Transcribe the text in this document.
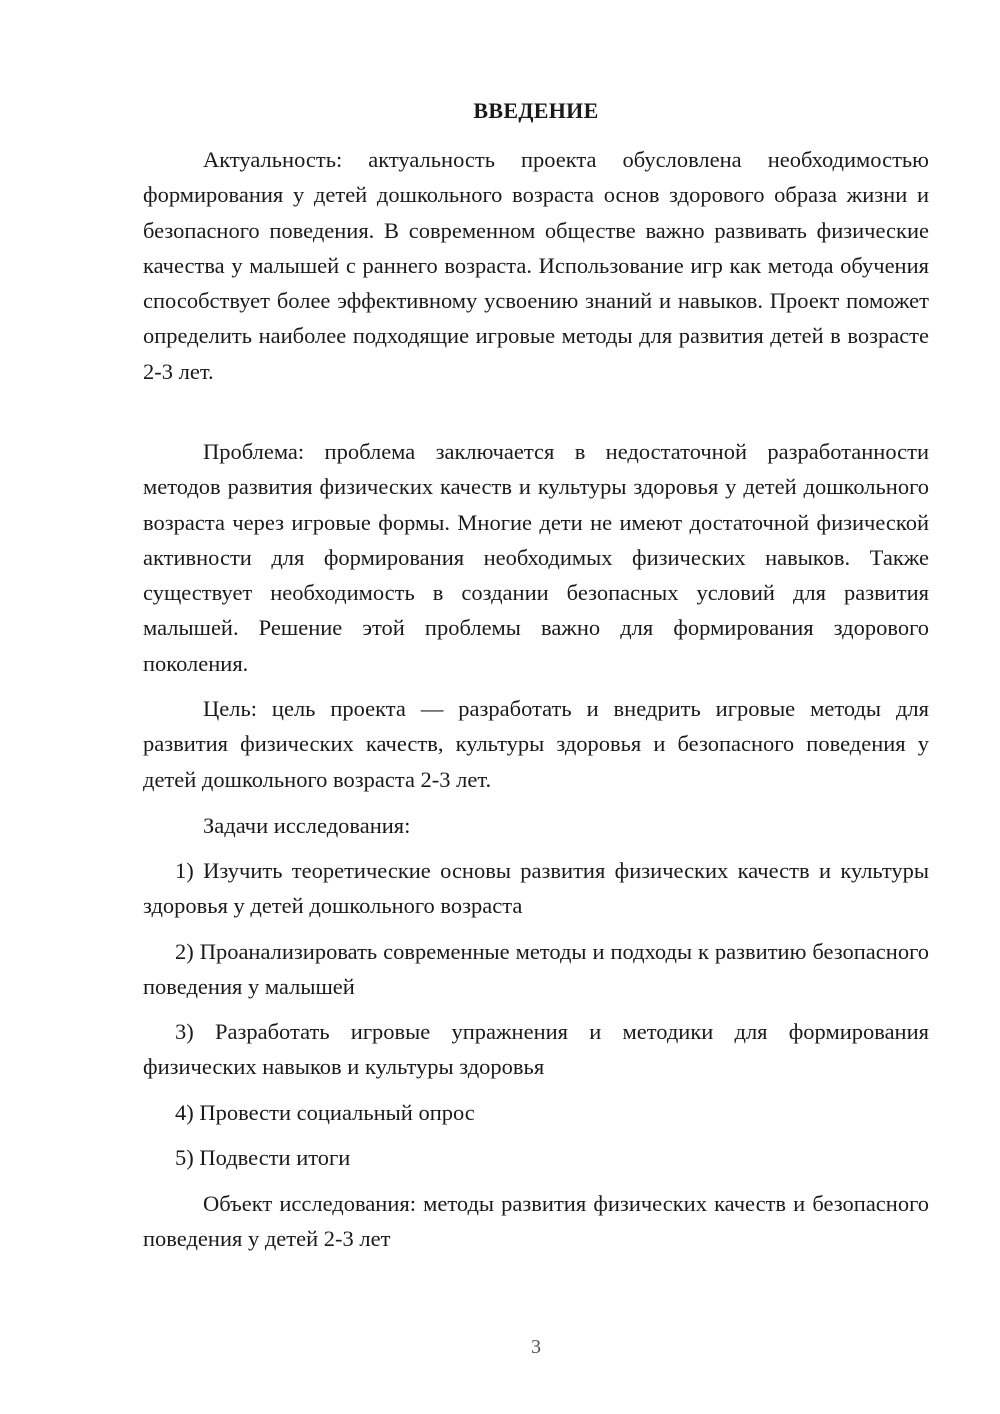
ВВЕДЕНИЕ

Актуальность: актуальность проекта обусловлена необходимостью формирования у детей дошкольного возраста основ здорового образа жизни и безопасного поведения. В современном обществе важно развивать физические качества у малышей с раннего возраста. Использование игр как метода обучения способствует более эффективному усвоению знаний и навыков. Проект поможет определить наиболее подходящие игровые методы для развития детей в возрасте 2-3 лет.

Проблема: проблема заключается в недостаточной разработанности методов развития физических качеств и культуры здоровья у детей дошкольного возраста через игровые формы. Многие дети не имеют достаточной физической активности для формирования необходимых физических навыков. Также существует необходимость в создании безопасных условий для развития малышей. Решение этой проблемы важно для формирования здорового поколения.

Цель: цель проекта — разработать и внедрить игровые методы для развития физических качеств, культуры здоровья и безопасного поведения у детей дошкольного возраста 2-3 лет.

Задачи исследования:

1) Изучить теоретические основы развития физических качеств и культуры здоровья у детей дошкольного возраста

2) Проанализировать современные методы и подходы к развитию безопасного поведения у малышей

3) Разработать игровые упражнения и методики для формирования физических навыков и культуры здоровья

4) Провести социальный опрос

5) Подвести итоги

Объект исследования: методы развития физических качеств и безопасного поведения у детей 2-3 лет

3
